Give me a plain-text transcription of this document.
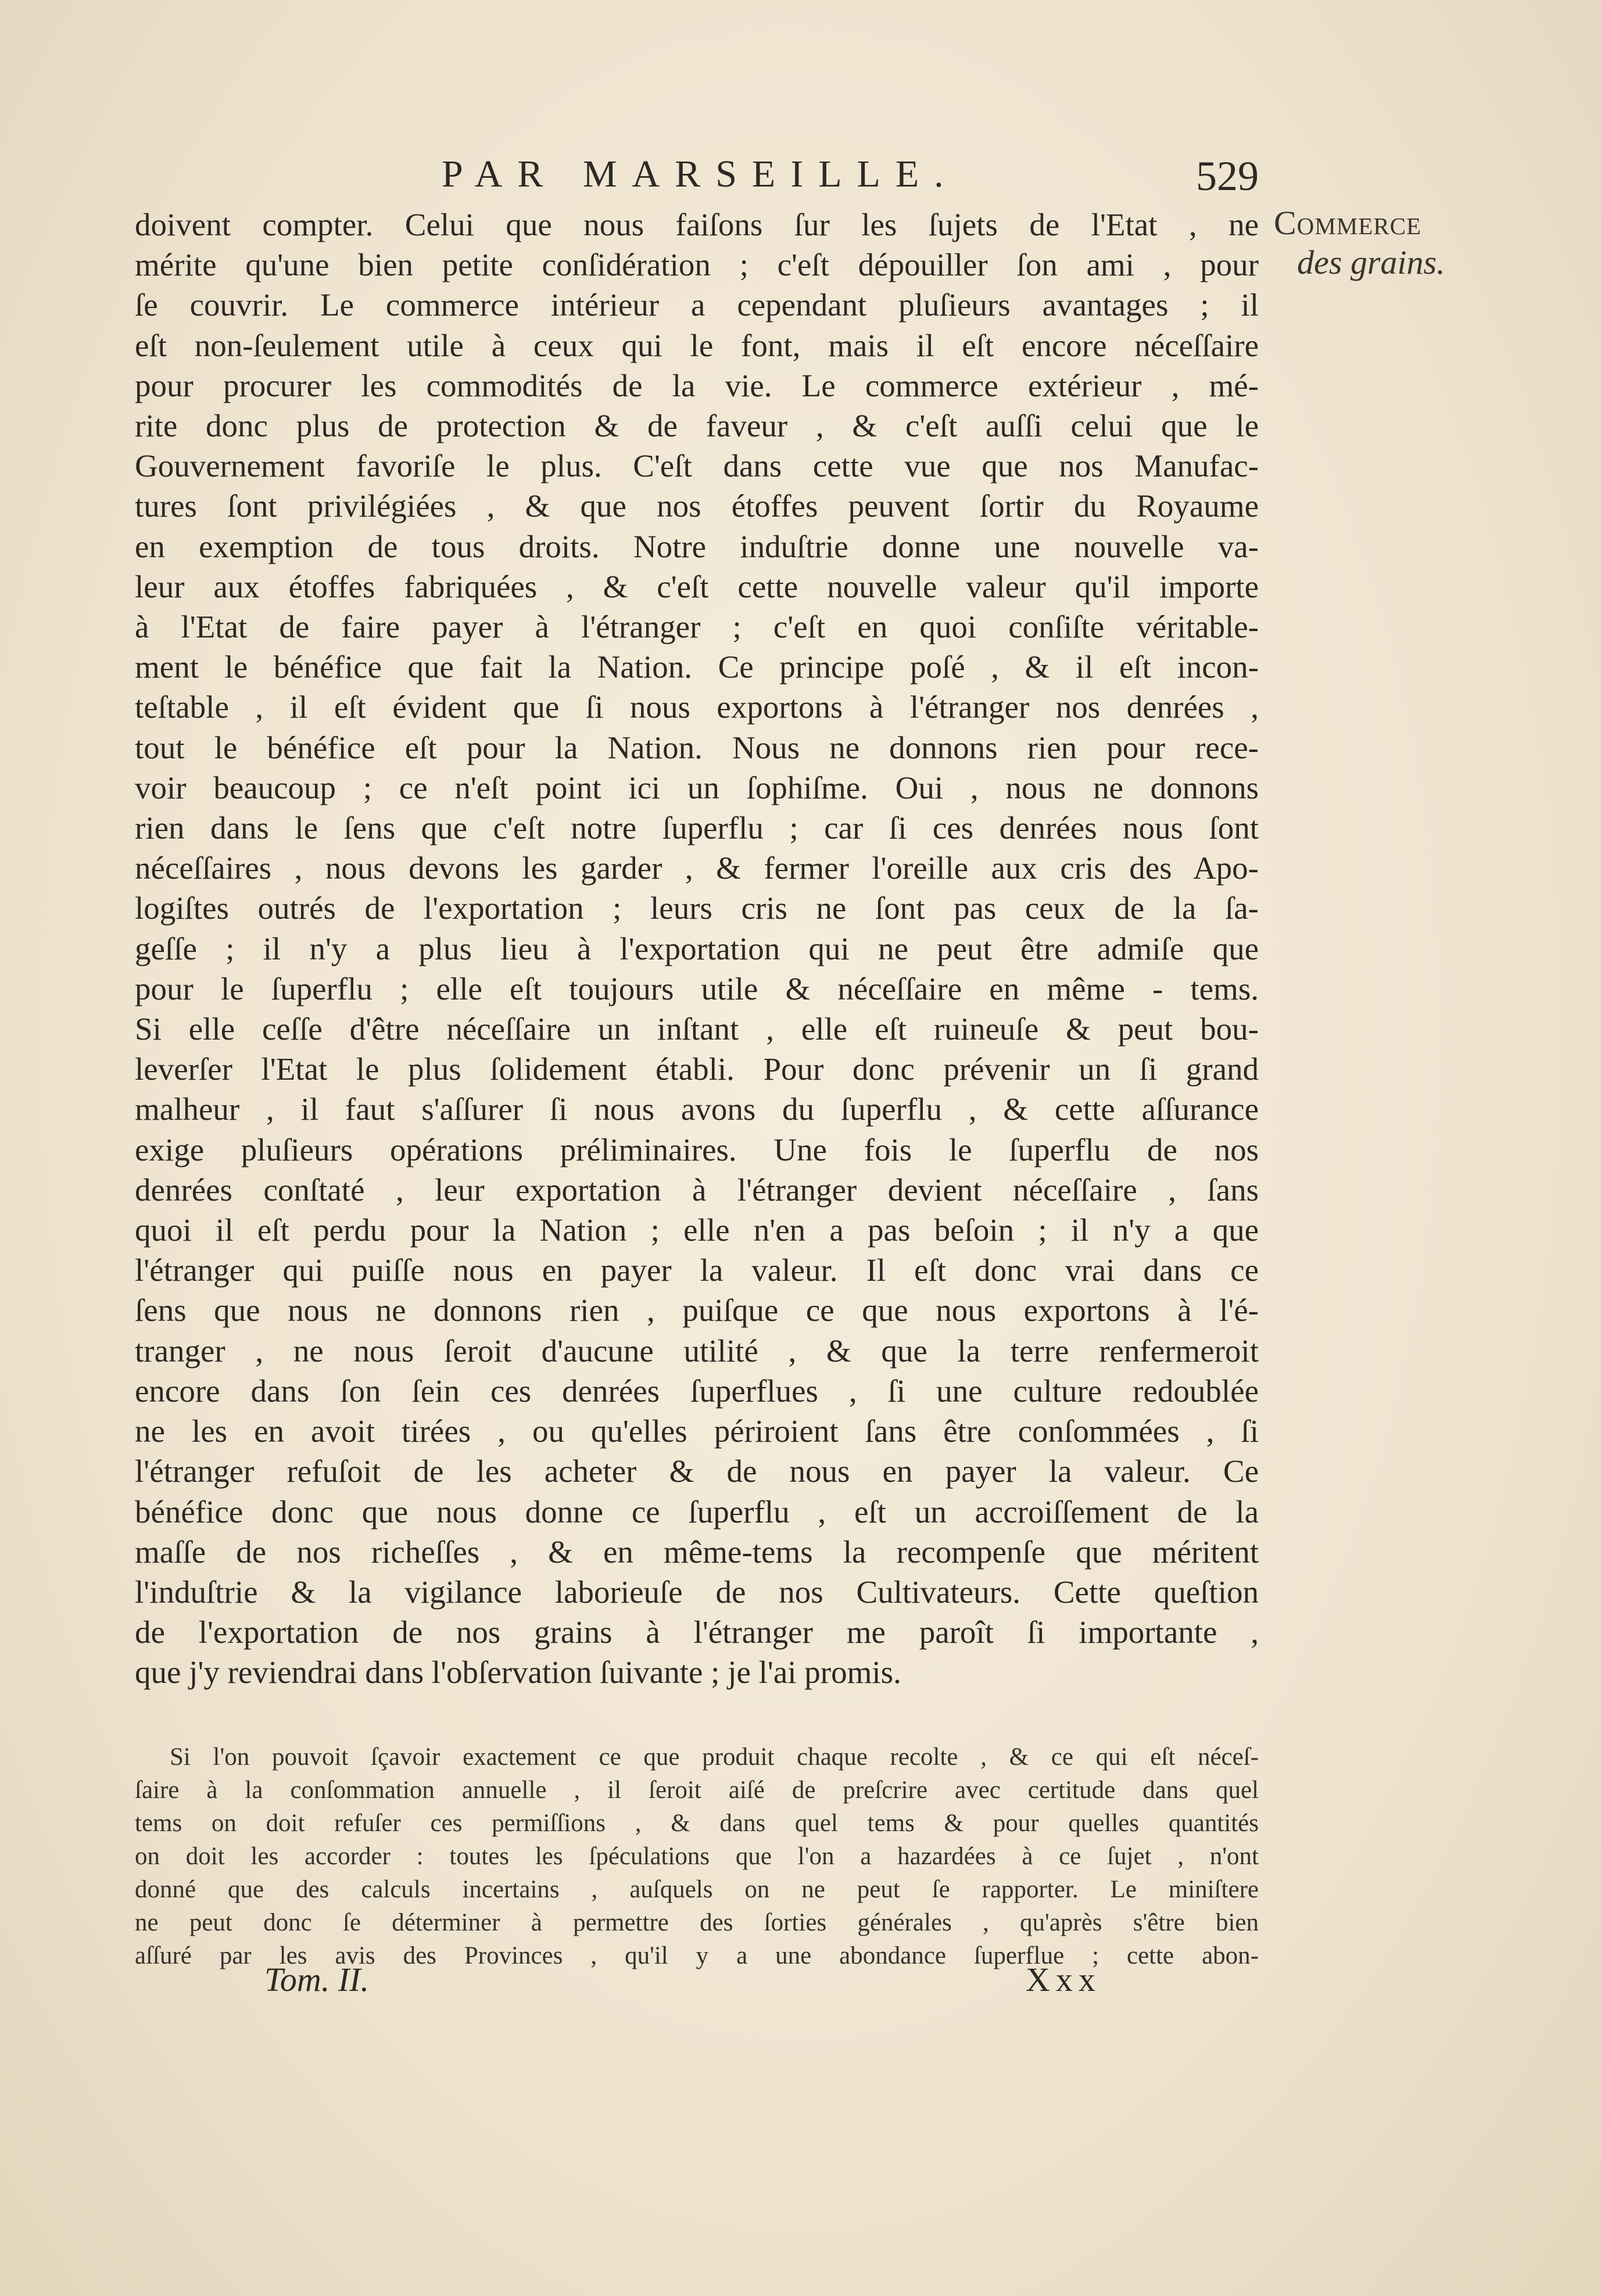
PAR MARSEILLE.	529
Commerce
des grains.
doivent compter. Celui que nous faiſons ſur les ſujets de l'Etat , ne
mérite qu'une bien petite conſidération ; c'eſt dépouiller ſon ami , pour
ſe couvrir. Le commerce intérieur a cependant pluſieurs avantages ; il
eſt non-ſeulement utile à ceux qui le font, mais il eſt encore néceſſaire
pour procurer les commodités de la vie. Le commerce extérieur , mé-
rite donc plus de protection & de faveur , & c'eſt auſſi celui que le
Gouvernement favoriſe le plus. C'eſt dans cette vue que nos Manufac-
tures ſont privilégiées , & que nos étoffes peuvent ſortir du Royaume
en exemption de tous droits. Notre induſtrie donne une nouvelle va-
leur aux étoffes fabriquées , & c'eſt cette nouvelle valeur qu'il importe
à l'Etat de faire payer à l'étranger ; c'eſt en quoi conſiſte véritable-
ment le bénéfice que fait la Nation. Ce principe poſé , & il eſt incon-
teſtable , il eſt évident que ſi nous exportons à l'étranger nos denrées ,
tout le bénéfice eſt pour la Nation. Nous ne donnons rien pour rece-
voir beaucoup ; ce n'eſt point ici un ſophiſme. Oui , nous ne donnons
rien dans le ſens que c'eſt notre ſuperflu ; car ſi ces denrées nous ſont
néceſſaires , nous devons les garder , & fermer l'oreille aux cris des Apo-
logiſtes outrés de l'exportation ; leurs cris ne ſont pas ceux de la ſa-
geſſe ; il n'y a plus lieu à l'exportation qui ne peut être admiſe que
pour le ſuperflu ; elle eſt toujours utile & néceſſaire en même - tems.
Si elle ceſſe d'être néceſſaire un inſtant , elle eſt ruineuſe & peut bou-
leverſer l'Etat le plus ſolidement établi. Pour donc prévenir un ſi grand
malheur , il faut s'aſſurer ſi nous avons du ſuperflu , & cette aſſurance
exige pluſieurs opérations préliminaires. Une fois le ſuperflu de nos
denrées conſtaté , leur exportation à l'étranger devient néceſſaire , ſans
quoi il eſt perdu pour la Nation ; elle n'en a pas beſoin ; il n'y a que
l'étranger qui puiſſe nous en payer la valeur. Il eſt donc vrai dans ce
ſens que nous ne donnons rien , puiſque ce que nous exportons à l'é-
tranger , ne nous ſeroit d'aucune utilité , & que la terre renfermeroit
encore dans ſon ſein ces denrées ſuperflues , ſi une culture redoublée
ne les en avoit tirées , ou qu'elles périroient ſans être conſommées , ſi
l'étranger refuſoit de les acheter & de nous en payer la valeur. Ce
bénéfice donc que nous donne ce ſuperflu , eſt un accroiſſement de la
maſſe de nos richeſſes , & en même-tems la recompenſe que méritent
l'induſtrie & la vigilance laborieuſe de nos Cultivateurs. Cette queſtion
de l'exportation de nos grains à l'étranger me paroît ſi importante ,
que j'y reviendrai dans l'obſervation ſuivante ; je l'ai promis.
Si l'on pouvoit ſçavoir exactement ce que produit chaque recolte , & ce qui eſt néceſ-
ſaire à la conſommation annuelle , il ſeroit aiſé de preſcrire avec certitude dans quel
tems on doit refuſer ces permiſſions , & dans quel tems & pour quelles quantités
on doit les accorder : toutes les ſpéculations que l'on a hazardées à ce ſujet , n'ont
donné que des calculs incertains , auſquels on ne peut ſe rapporter. Le miniſtere
ne peut donc ſe déterminer à permettre des ſorties générales , qu'après s'être bien
aſſuré par les avis des Provinces , qu'il y a une abondance ſuperflue ; cette abon-
Tom. II.	Xxx
